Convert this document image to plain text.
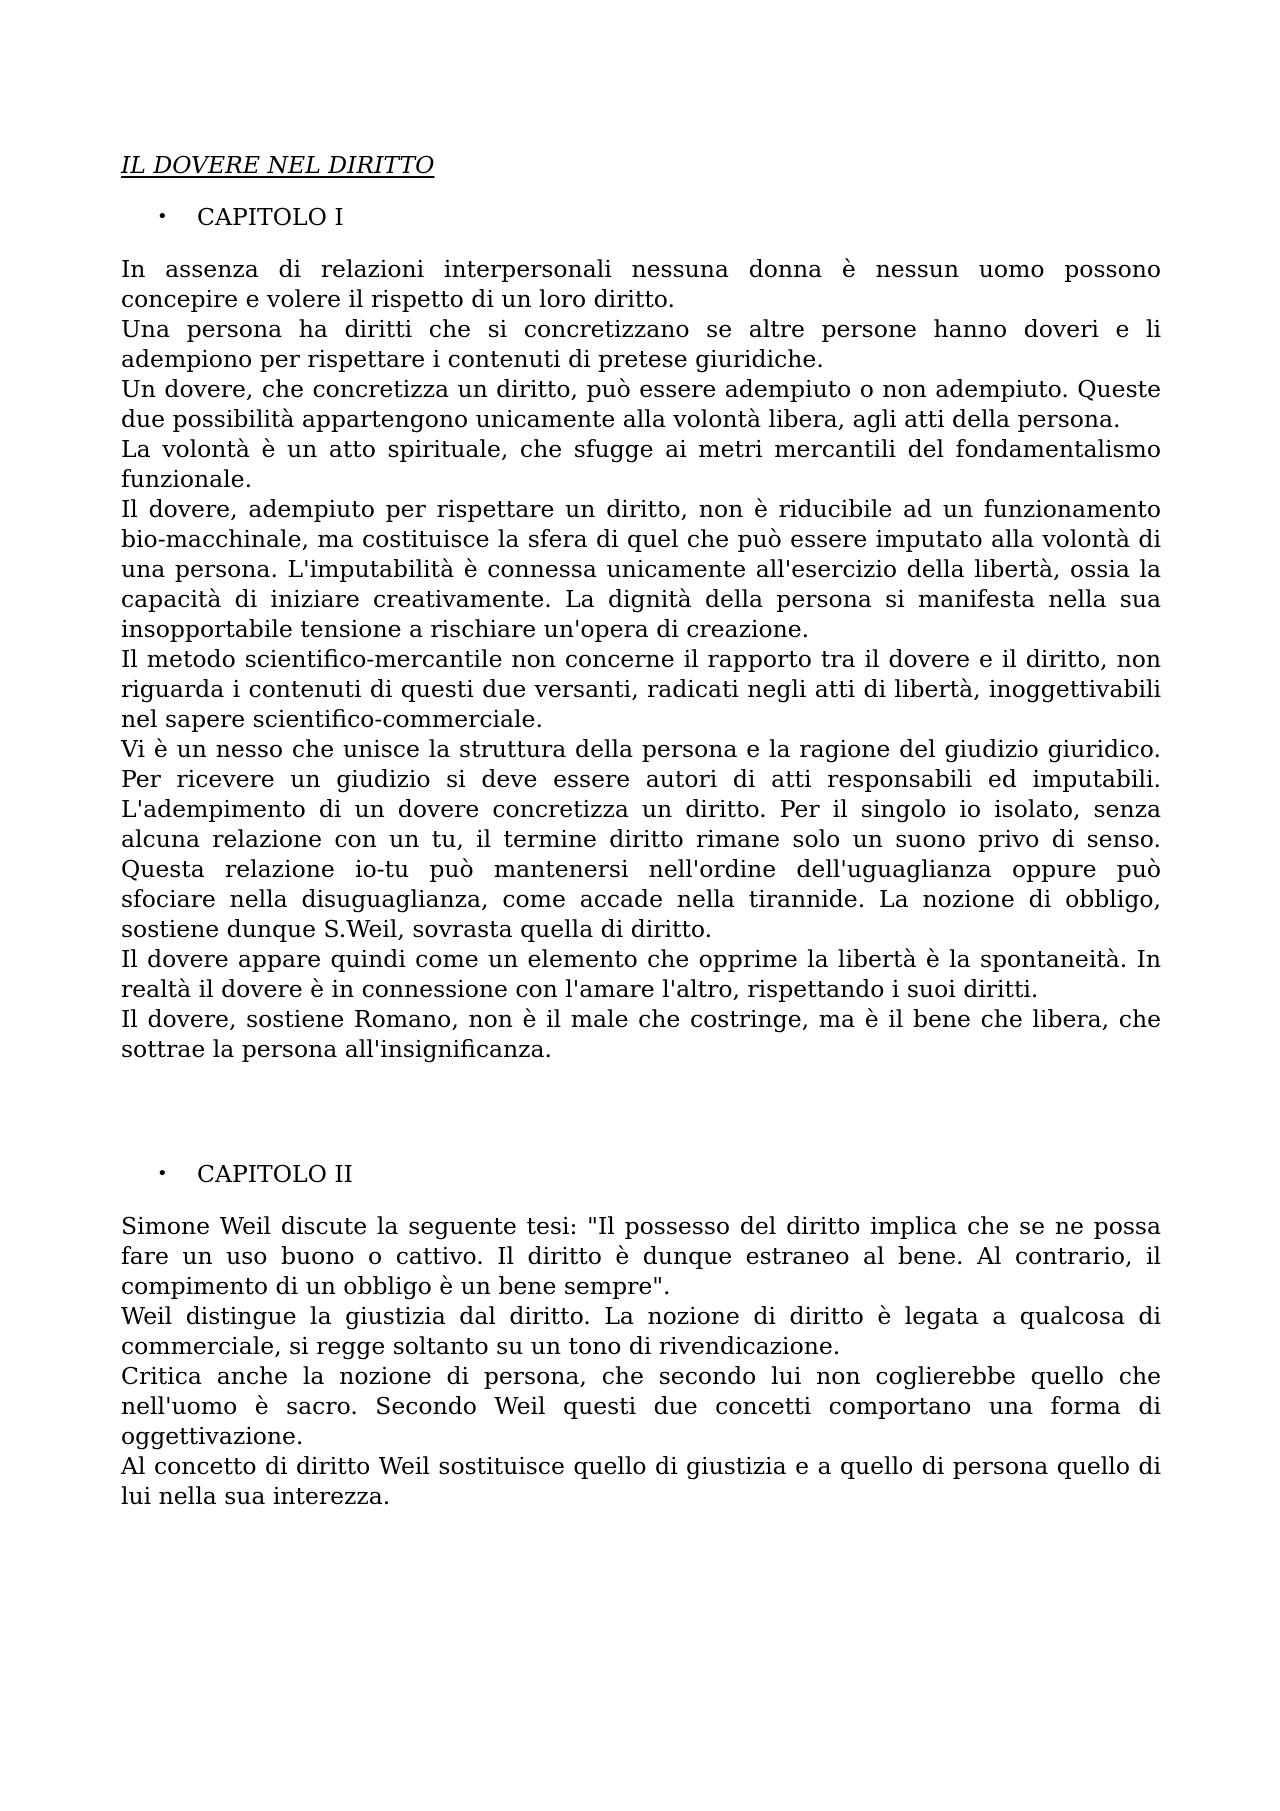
IL DOVERE NEL DIRITTO
•	CAPITOLO I

In assenza di relazioni interpersonali nessuna donna è nessun uomo possono concepire e volere il rispetto di un loro diritto.

Una persona ha diritti che si concretizzano se altre persone hanno doveri e li adempiono per rispettare i contenuti di pretese giuridiche.

Un dovere, che concretizza un diritto, può essere adempiuto o non adempiuto. Queste due possibilità appartengono unicamente alla volontà libera, agli atti della persona.

La volontà è un atto spirituale, che sfugge ai metri mercantili del fondamentalismo funzionale.

Il dovere, adempiuto per rispettare un diritto, non è riducibile ad un funzionamento bio-macchinale, ma costituisce la sfera di quel che può essere imputato alla volontà di una persona. L'imputabilità è connessa unicamente all'esercizio della libertà, ossia la capacità di iniziare creativamente. La dignità della persona si manifesta nella sua insopportabile tensione a rischiare un'opera di creazione.

Il metodo scientifico-mercantile non concerne il rapporto tra il dovere e il diritto, non riguarda i contenuti di questi due versanti, radicati negli atti di libertà, inoggettivabili nel sapere scientifico-commerciale.

Vi è un nesso che unisce la struttura della persona e la ragione del giudizio giuridico. Per ricevere un giudizio si deve essere autori di atti responsabili ed imputabili. L'adempimento di un dovere concretizza un diritto. Per il singolo io isolato, senza alcuna relazione con un tu, il termine diritto rimane solo un suono privo di senso. Questa relazione io-tu può mantenersi nell'ordine dell'uguaglianza oppure può sfociare nella disuguaglianza, come accade nella tirannide. La nozione di obbligo, sostiene dunque S.Weil, sovrasta quella di diritto.

Il dovere appare quindi come un elemento che opprime la libertà è la spontaneità. In realtà il dovere è in connessione con l'amare l'altro, rispettando i suoi diritti.

Il dovere, sostiene Romano, non è il male che costringe, ma è il bene che libera, che sottrae la persona all'insignificanza.

•	CAPITOLO II

Simone Weil discute la seguente tesi: "Il possesso del diritto implica che se ne possa fare un uso buono o cattivo. Il diritto è dunque estraneo al bene. Al contrario, il compimento di un obbligo è un bene sempre".

Weil distingue la giustizia dal diritto. La nozione di diritto è legata a qualcosa di commerciale, si regge soltanto su un tono di rivendicazione.

Critica anche la nozione di persona, che secondo lui non coglierebbe quello che nell'uomo è sacro. Secondo Weil questi due concetti comportano una forma di oggettivazione.

Al concetto di diritto Weil sostituisce quello di giustizia e a quello di persona quello di lui nella sua interezza.
